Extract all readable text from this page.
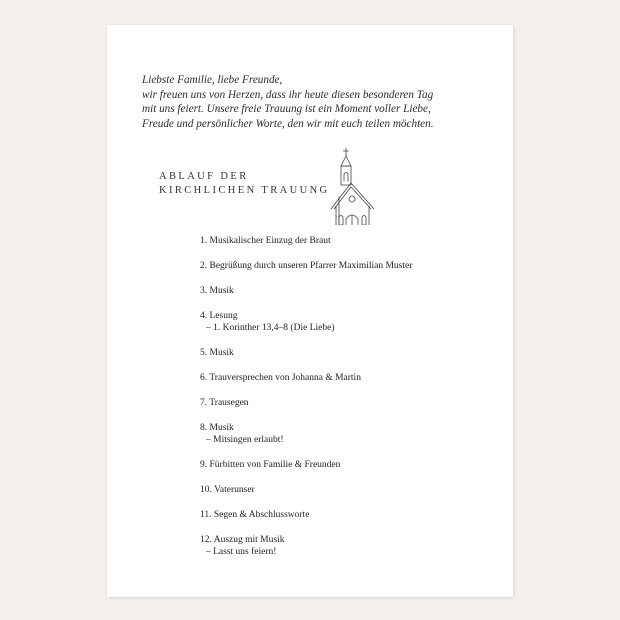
Liebste Familie, liebe Freunde,

wir freuen uns von Herzen, dass ihr heute diesen besonderen Tag

mit uns feiert. Unsere freie Trauung ist ein Moment voller Liebe,

Freude und persönlicher Worte, den wir mit euch teilen möchten.

ABLAUF DER
KIRCHLICHEN TRAUUNG
1. Musikalischer Einzug der Braut
2. Begrüßung durch unseren Pfarrer Maximilian Muster
3. Musik
4. Lesung
– 1. Korinther 13,4–8 (Die Liebe)
5. Musik
6. Trauversprechen von Johanna & Martin
7. Trausegen
8. Musik
– Mitsingen erlaubt!
9. Fürbitten von Familie & Freunden
10. Vaterunser
11. Segen & Abschlussworte
12. Auszug mit Musik
– Lasst uns feiern!
